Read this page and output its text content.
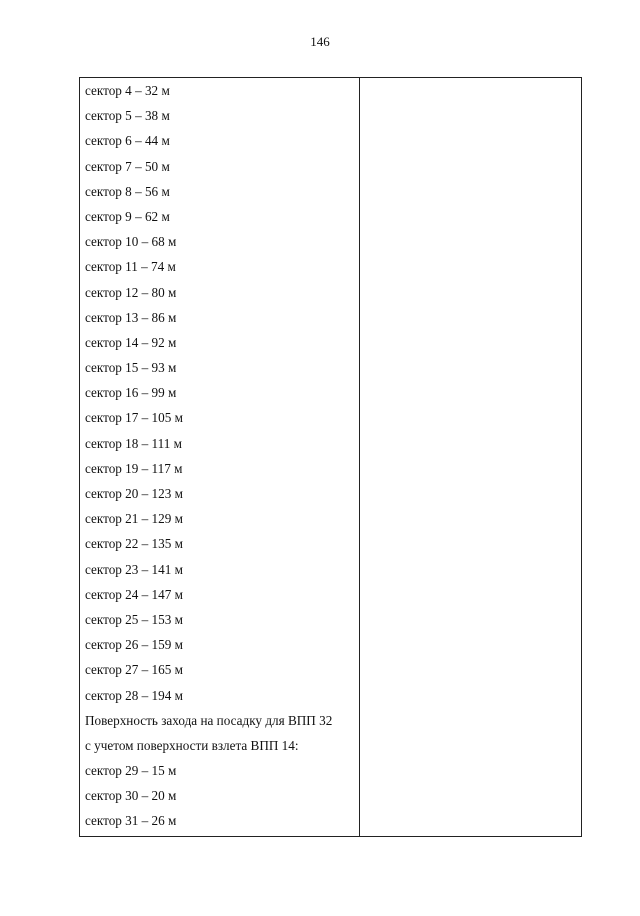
146
сектор 4 – 32 м
сектор 5 – 38 м
сектор 6 – 44 м
сектор 7 – 50 м
сектор 8 – 56 м
сектор 9 – 62 м
сектор 10 – 68 м
сектор 11 – 74 м
сектор 12 – 80 м
сектор 13 – 86 м
сектор 14 – 92 м
сектор 15 – 93 м
сектор 16 – 99 м
сектор 17 – 105 м
сектор 18 – 111 м
сектор 19 – 117 м
сектор 20 – 123 м
сектор 21 – 129 м
сектор 22 – 135 м
сектор 23 – 141 м
сектор 24 – 147 м
сектор 25 – 153 м
сектор 26 – 159 м
сектор 27 – 165 м
сектор 28 – 194 м
Поверхность захода на посадку для ВПП 32
с учетом поверхности взлета ВПП 14:
сектор 29 – 15 м
сектор 30 – 20 м
сектор 31 – 26 м
